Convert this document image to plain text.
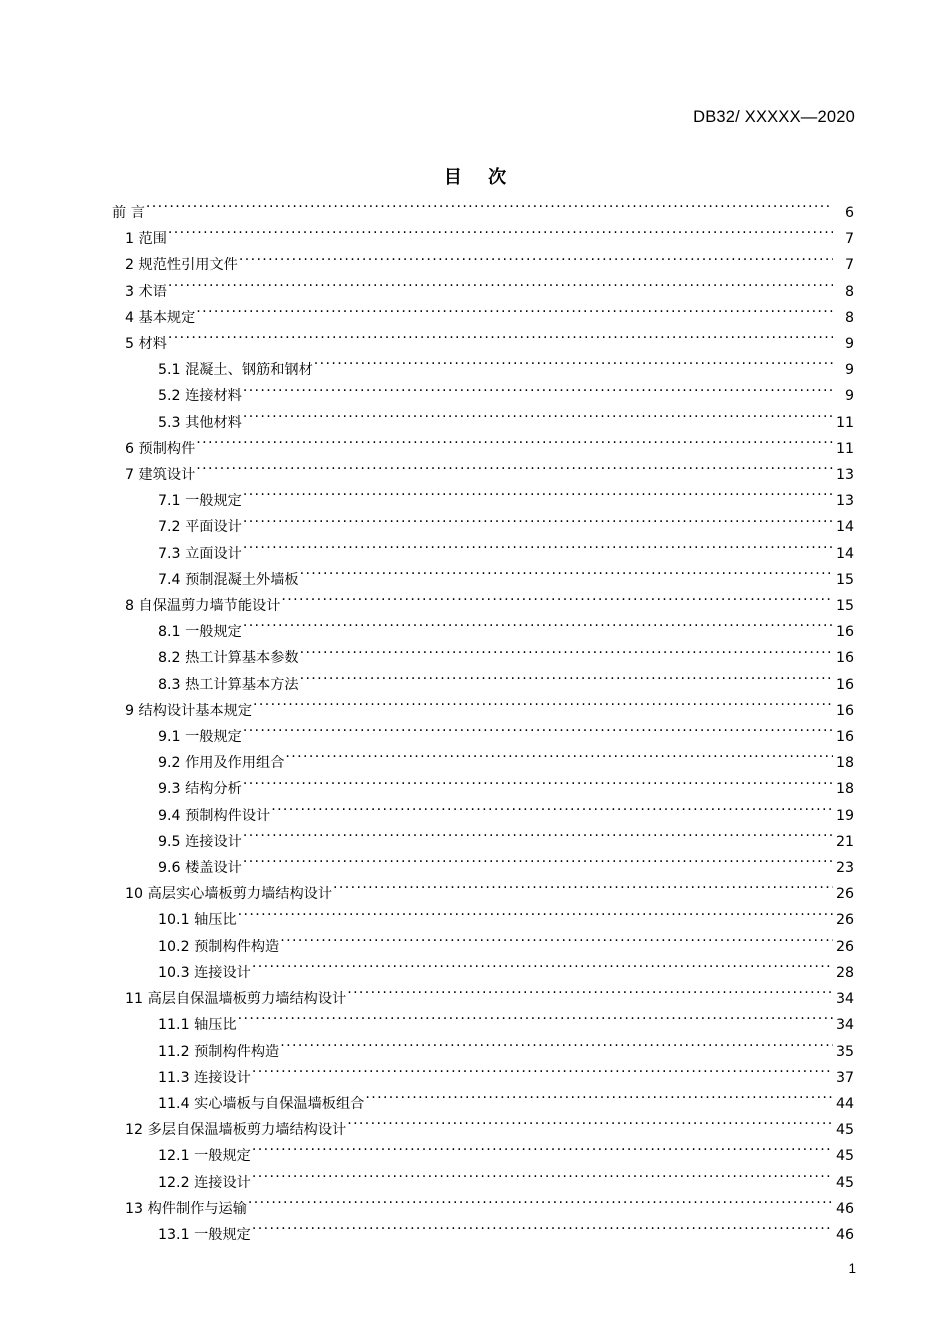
DB32/ XXXXX—2020
目 次
前 言 .....	6
1 范围 .....	7
2 规范性引用文件 .....	7
3 术语 .....	8
4 基本规定 .....	8
5 材料 .....	9
5.1 混凝土、钢筋和钢材 .....	9
5.2 连接材料 .....	9
5.3 其他材料 .....	11
6 预制构件 .....	11
7 建筑设计 .....	13
7.1 一般规定 .....	13
7.2 平面设计 .....	14
7.3 立面设计 .....	14
7.4 预制混凝土外墙板 .....	15
8 自保温剪力墙节能设计 .....	15
8.1 一般规定 .....	16
8.2 热工计算基本参数 .....	16
8.3 热工计算基本方法 .....	16
9 结构设计基本规定 .....	16
9.1 一般规定 .....	16
9.2 作用及作用组合 .....	18
9.3 结构分析 .....	18
9.4 预制构件设计 .....	19
9.5 连接设计 .....	21
9.6 楼盖设计 .....	23
10 高层实心墙板剪力墙结构设计 .....	26
10.1 轴压比 .....	26
10.2 预制构件构造 .....	26
10.3 连接设计 .....	28
11 高层自保温墙板剪力墙结构设计 .....	34
11.1 轴压比 .....	34
11.2 预制构件构造 .....	35
11.3 连接设计 .....	37
11.4 实心墙板与自保温墙板组合 .....	44
12 多层自保温墙板剪力墙结构设计 .....	45
12.1 一般规定 .....	45
12.2 连接设计 .....	45
13 构件制作与运输 .....	46
13.1 一般规定 .....	46
1
